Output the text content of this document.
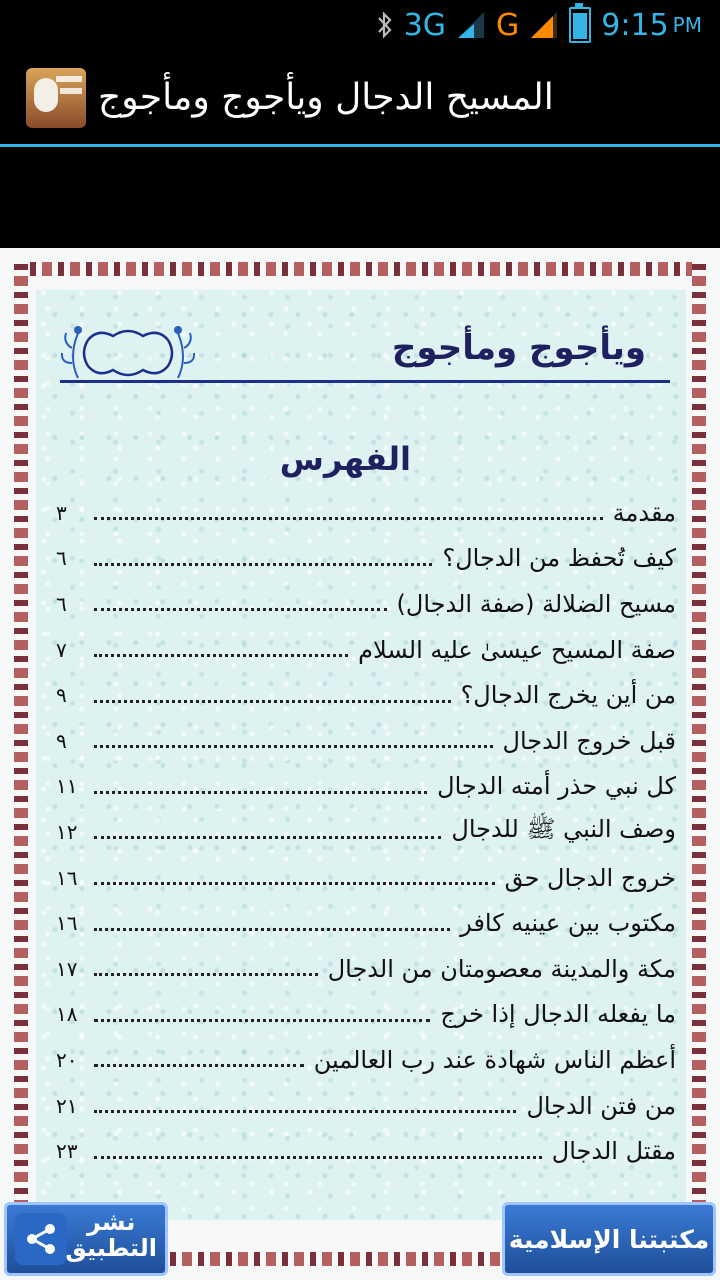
3G G	9:15 PM
المسيح الدجال ويأجوج ومأجوج
ويأجوج ومأجوج
الفهرس
مقدمة
٣
كيف تُحفظ من الدجال؟
٦
مسيح الضلالة (صفة الدجال)
٦
صفة المسيح عيسىٰ عليه السلام
٧
من أين يخرج الدجال؟
٩
قبل خروج الدجال
٩
كل نبي حذر أمته الدجال
١١
وصف النبي ﷺ للدجال
١٢
خروج الدجال حق
١٦
مكتوب بين عينيه كافر
١٦
مكة والمدينة معصومتان من الدجال
١٧
ما يفعله الدجال إذا خرج
١٨
أعظم الناس شهادة عند رب العالمين
٢٠
من فتن الدجال
٢١
مقتل الدجال
٢٣
نشر
التطبيق	مكتبتنا الإسلامية
